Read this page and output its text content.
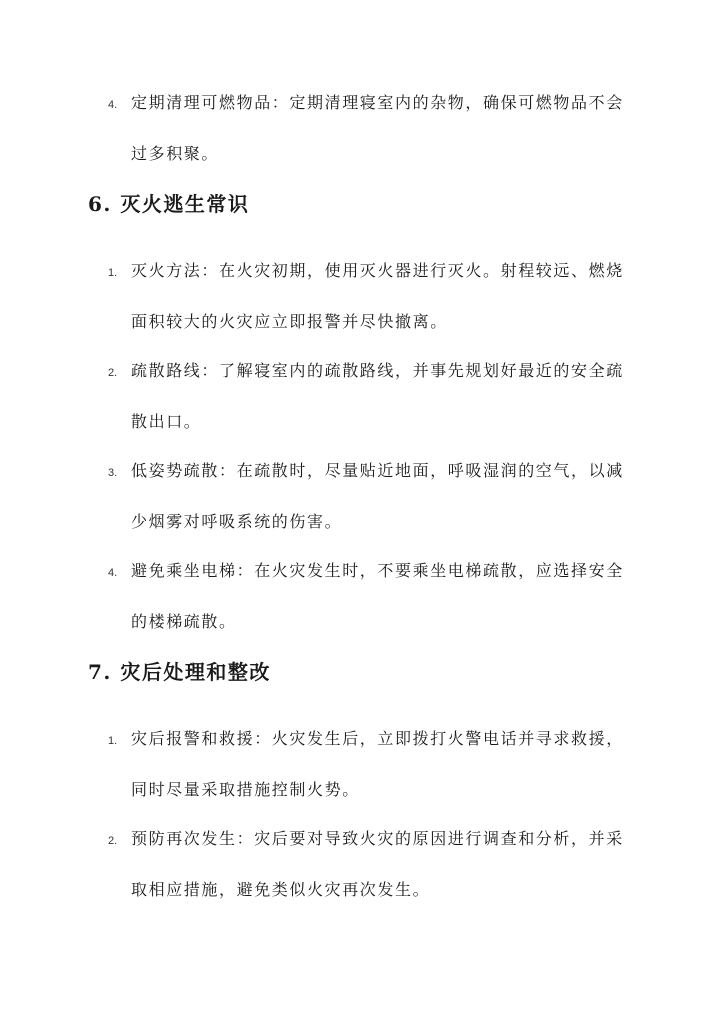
4. 定期清理可燃物品：定期清理寝室内的杂物，确保可燃物品不会过多积聚。

6. 灭火逃生常识
1. 灭火方法：在火灾初期，使用灭火器进行灭火。射程较远、燃烧面积较大的火灾应立即报警并尽快撤离。

2. 疏散路线：了解寝室内的疏散路线，并事先规划好最近的安全疏散出口。

3. 低姿势疏散：在疏散时，尽量贴近地面，呼吸湿润的空气，以减少烟雾对呼吸系统的伤害。

4. 避免乘坐电梯：在火灾发生时，不要乘坐电梯疏散，应选择安全的楼梯疏散。

7. 灾后处理和整改
1. 灾后报警和救援：火灾发生后，立即拨打火警电话并寻求救援，同时尽量采取措施控制火势。

2. 预防再次发生：灾后要对导致火灾的原因进行调查和分析，并采取相应措施，避免类似火灾再次发生。
